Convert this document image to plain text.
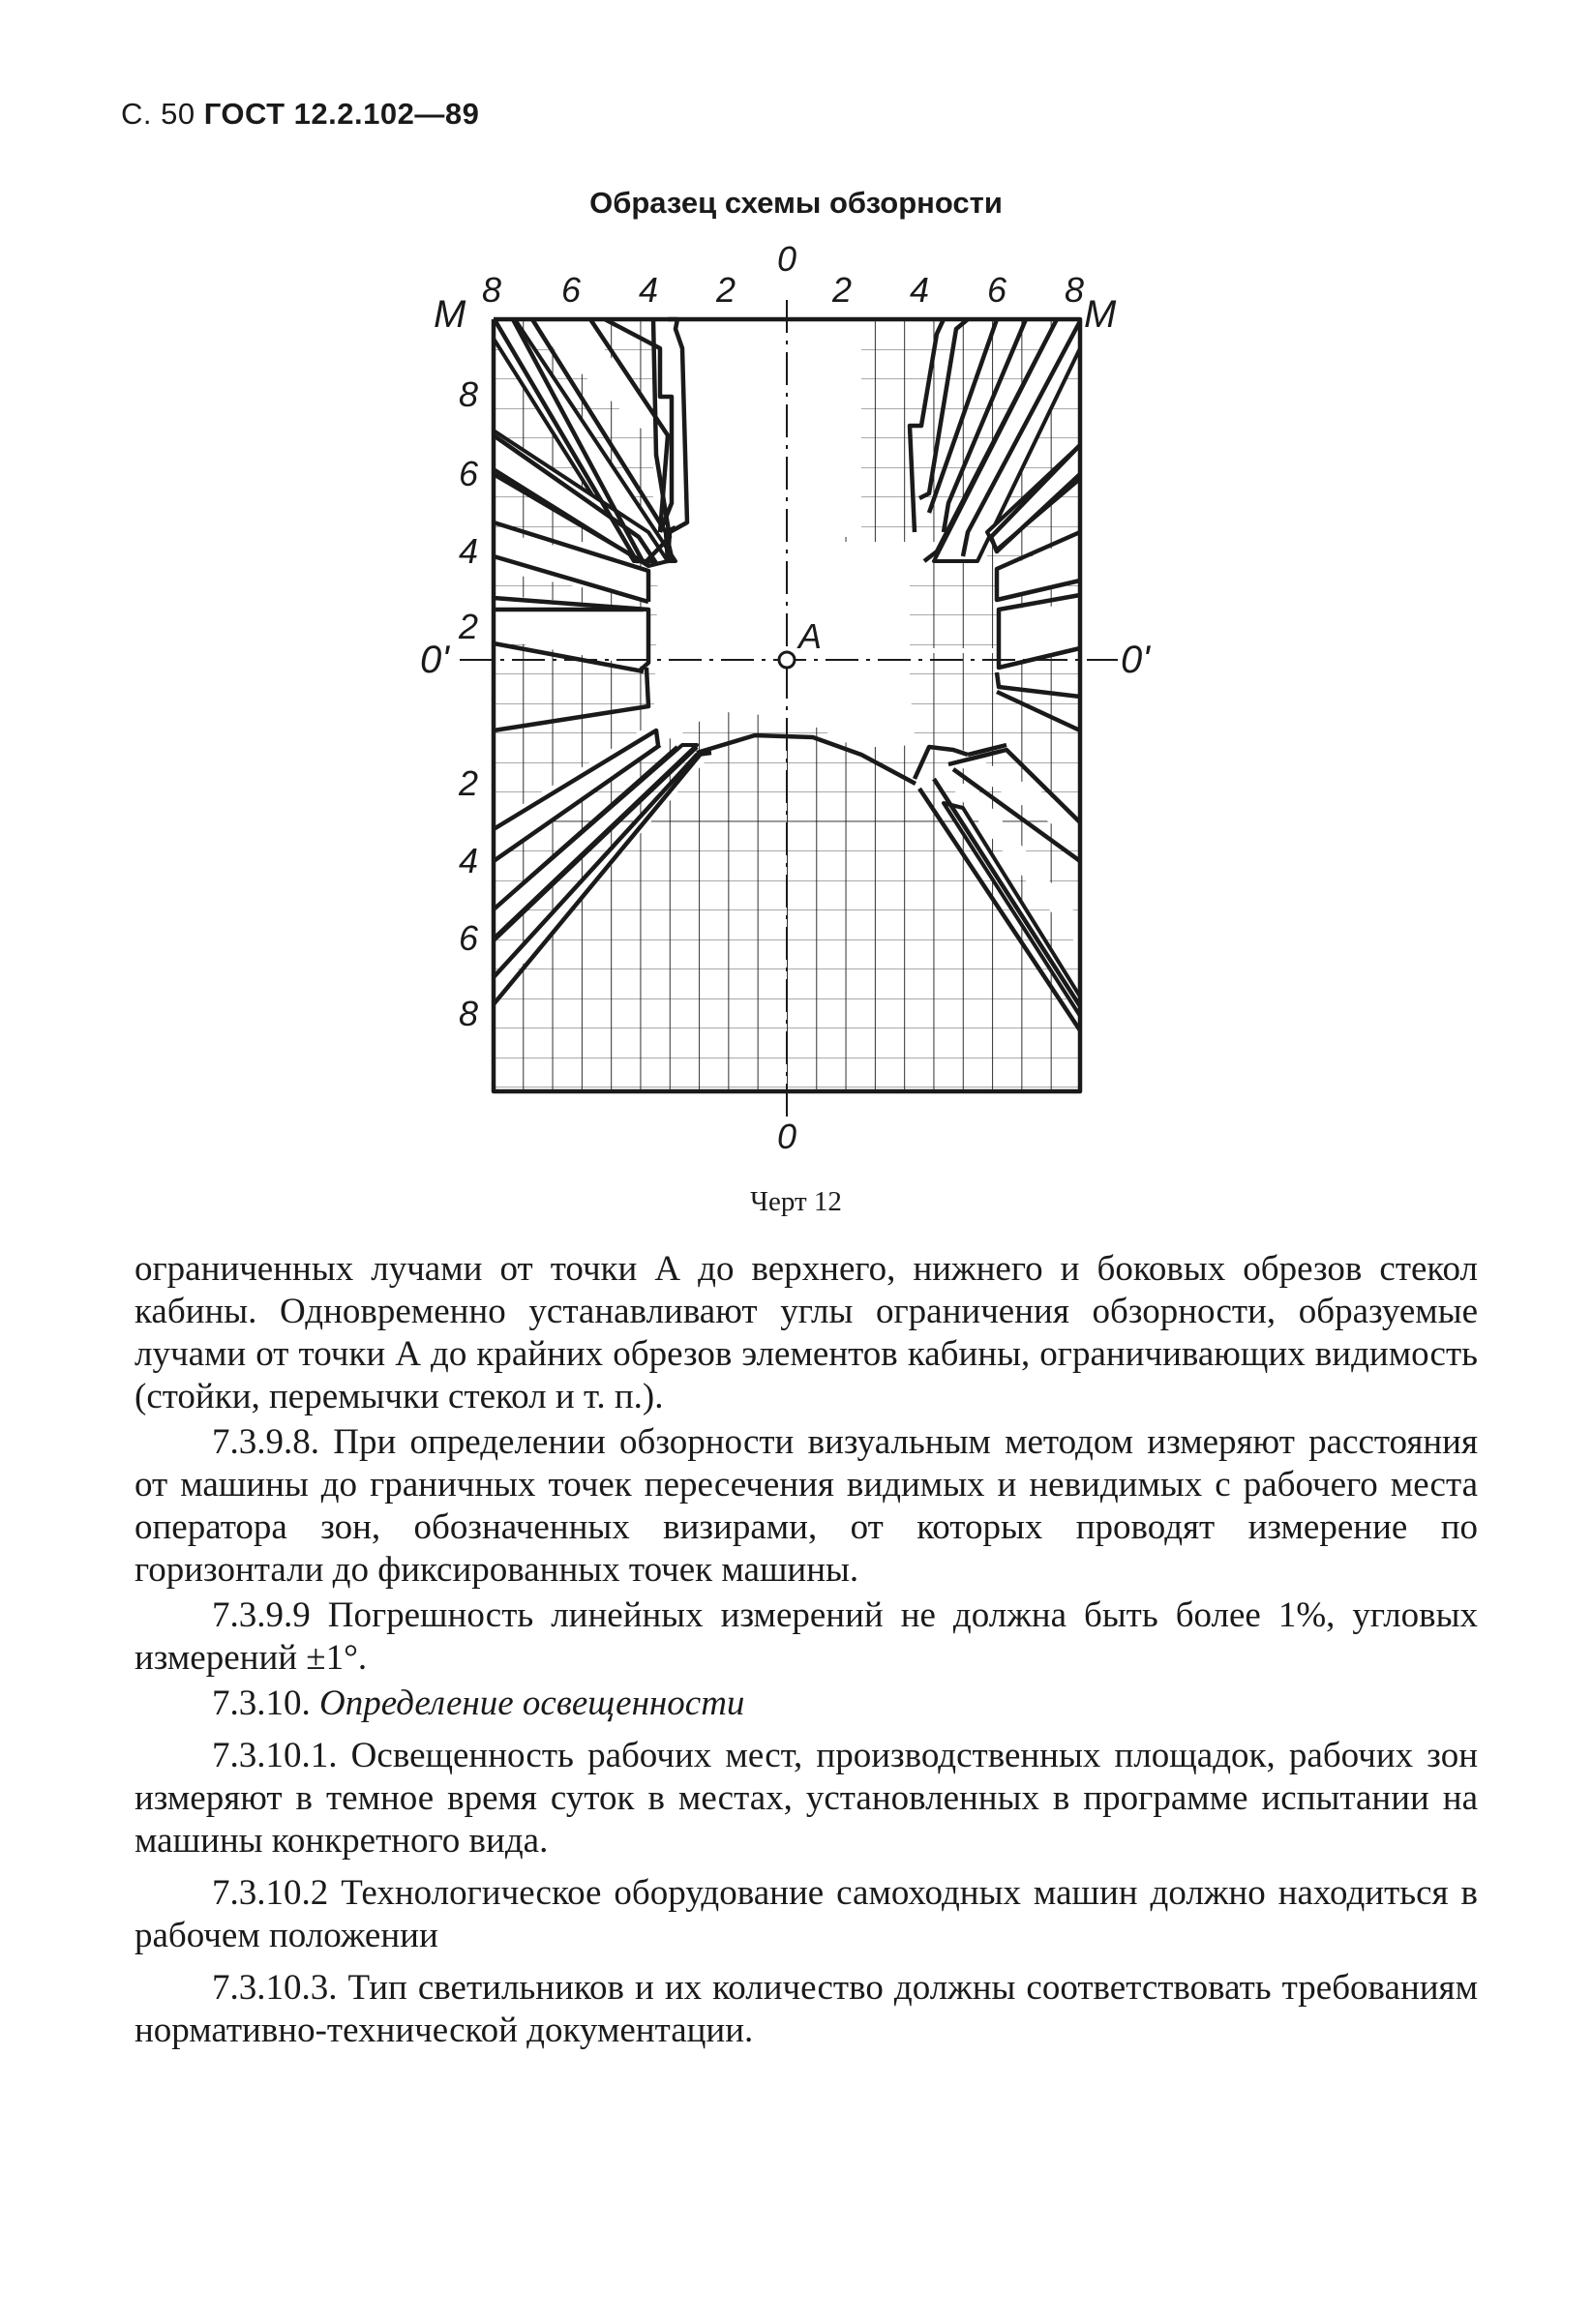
С. 50 ГОСТ 12.2.102—89
Образец схемы обзорности
8 6 4 2
0
2 4 6 8
M	M
8
6
4
2
2
4
6
8
0'	0'
0
A
Черт 12

ограниченных лучами от точки А до верхнего, нижнего и боковых обрезов стекол кабины. Одновременно устанавливают углы ограничения обзорности, образуемые лучами от точки А до крайних обрезов элементов кабины, ограничивающих видимость (стойки, перемычки стекол и т. п.).

7.3.9.8. При определении обзорности визуальным методом измеряют расстояния от машины до граничных точек пересечения видимых и невидимых с рабочего места оператора зон, обозначенных визирами, от которых проводят измерение по горизонтали до фиксированных точек машины.

7.3.9.9 Погрешность линейных измерений не должна быть более 1%, угловых измерений ±1°.

7.3.10. Определение освещенности

7.3.10.1. Освещенность рабочих мест, производственных площадок, рабочих зон измеряют в темное время суток в местах, установленных в программе испытании на машины конкретного вида.

7.3.10.2 Технологическое оборудование самоходных машин должно находиться в рабочем положении

7.3.10.3. Тип светильников и их количество должны соответствовать требованиям нормативно-технической документации.
